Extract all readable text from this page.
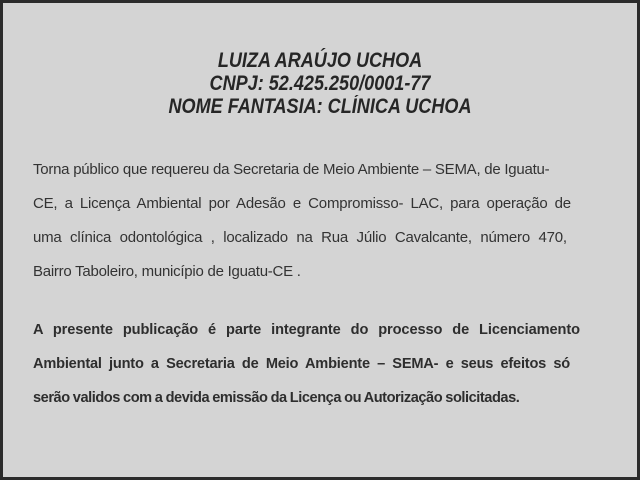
LUIZA ARAÚJO UCHOA
CNPJ: 52.425.250/0001-77
NOME FANTASIA: CLÍNICA UCHOA
Torna público que requereu da Secretaria de Meio Ambiente – SEMA, de Iguatu-
CE, a Licença Ambiental por Adesão e Compromisso- LAC, para operação de
uma clínica odontológica , localizado na Rua Júlio Cavalcante, número 470,
Bairro Taboleiro, município de Iguatu-CE .
A presente publicação é parte integrante do processo de Licenciamento
Ambiental junto a Secretaria de Meio Ambiente – SEMA- e seus efeitos só
serão validos com a devida emissão da Licença ou Autorização solicitadas.
